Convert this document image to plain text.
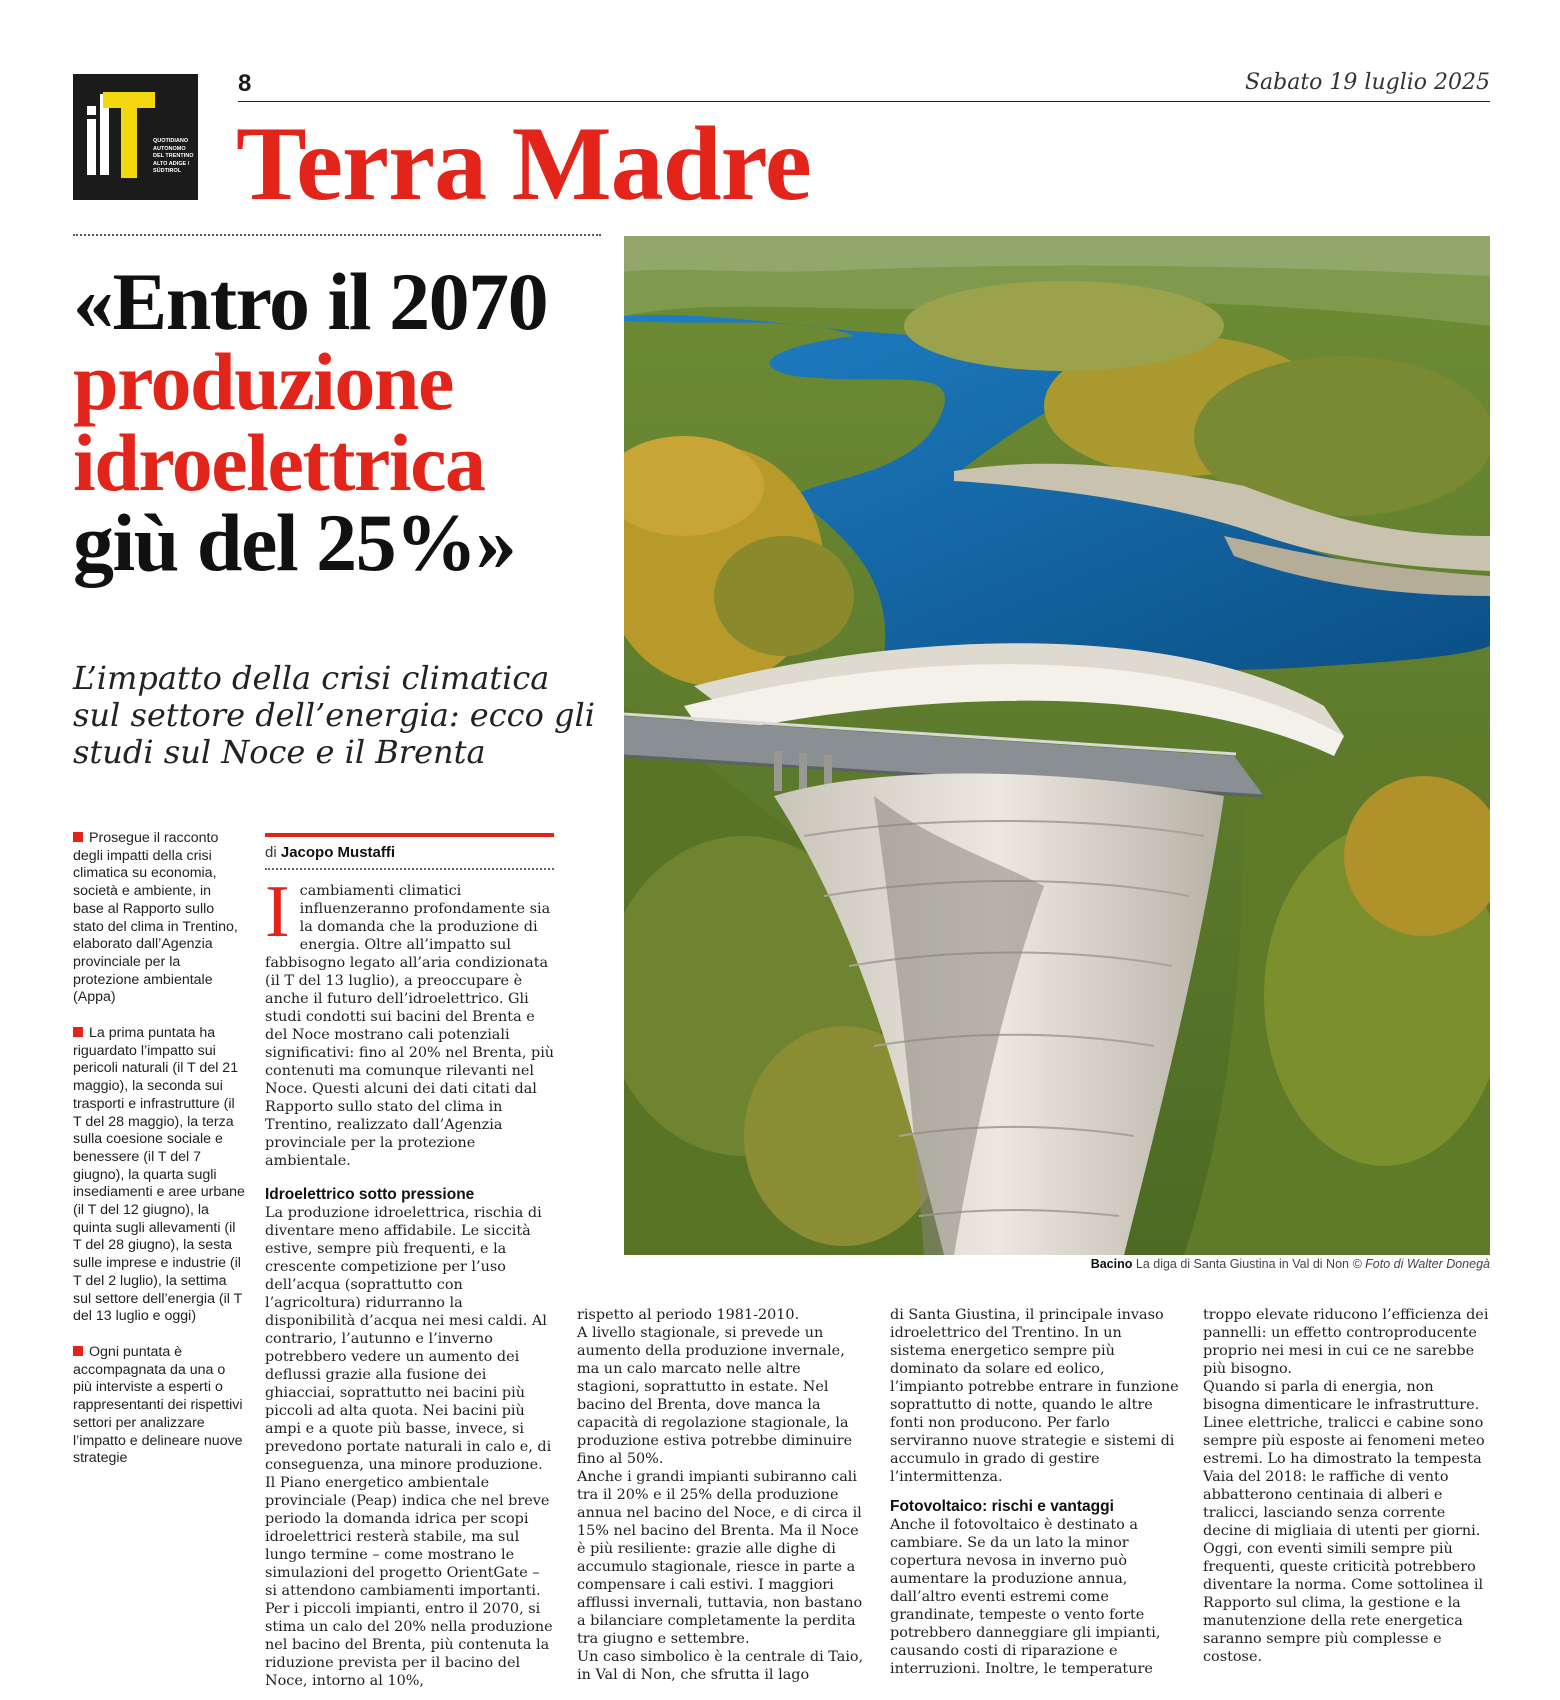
QUOTIDIANO AUTONOMO DEL TRENTINO ALTO ADIGE / SÜDTIROL
8	Sabato 19 luglio 2025
Terra Madre
«Entro il 2070
produzione
idroelettrica
giù del 25%»
L’impatto della crisi climatica sul settore dell’energia: ecco gli studi sul Noce e il Brenta
Bacino La diga di Santa Giustina in Val di Non © Foto di Walter Donegà

Prosegue il racconto degli impatti della crisi climatica su economia, società e ambiente, in base al Rapporto sullo stato del clima in Trentino, elaborato dall’Agenzia provinciale per la protezione ambientale (Appa)

La prima puntata ha riguardato l’impatto sui pericoli naturali (il T del 21 maggio), la seconda sui trasporti e infrastrutture (il T del 28 maggio), la terza sulla coesione sociale e benessere (il T del 7 giugno), la quarta sugli insediamenti e aree urbane (il T del 12 giugno), la quinta sugli allevamenti (il T del 28 giugno), la sesta sulle imprese e industrie (il T del 2 luglio), la settima sul settore dell’energia (il T del 13 luglio e oggi)

Ogni puntata è accompagnata da una o più interviste a esperti o rappresentanti dei rispettivi settori per analizzare l’impatto e delineare nuove strategie

di Jacopo Mustaffi

Icambiamenti climatici influenzeranno profondamente sia la domanda che la produzione di energia. Oltre all’impatto sul fabbisogno legato all’aria condizionata (il T del 13 luglio), a preoccupare è anche il futuro dell’idroelettrico. Gli studi condotti sui bacini del Brenta e del Noce mostrano cali potenziali significativi: fino al 20% nel Brenta, più contenuti ma comunque rilevanti nel Noce. Questi alcuni dei dati citati dal Rapporto sullo stato del clima in Trentino, realizzato dall’Agenzia provinciale per la protezione ambientale.

Idroelettrico sotto pressione

La produzione idroelettrica, rischia di diventare meno affidabile. Le siccità estive, sempre più frequenti, e la crescente competizione per l’uso dell’acqua (soprattutto con l’agricoltura) ridurranno la disponibilità d’acqua nei mesi caldi. Al contrario, l’autunno e l’inverno potrebbero vedere un aumento dei deflussi grazie alla fusione dei ghiacciai, soprattutto nei bacini più piccoli ad alta quota. Nei bacini più ampi e a quote più basse, invece, si prevedono portate naturali in calo e, di conseguenza, una minore produzione.

Il Piano energetico ambientale provinciale (Peap) indica che nel breve periodo la domanda idrica per scopi idroelettrici resterà stabile, ma sul lungo termine – come mostrano le simulazioni del progetto OrientGate – si attendono cambiamenti importanti.

Per i piccoli impianti, entro il 2070, si stima un calo del 20% nella produzione nel bacino del Brenta, più contenuta la riduzione prevista per il bacino del Noce, intorno al 10%,

rispetto al periodo 1981-2010.

A livello stagionale, si prevede un aumento della produzione invernale, ma un calo marcato nelle altre stagioni, soprattutto in estate. Nel bacino del Brenta, dove manca la capacità di regolazione stagionale, la produzione estiva potrebbe diminuire fino al 50%.

Anche i grandi impianti subiranno cali tra il 20% e il 25% della produzione annua nel bacino del Noce, e di circa il 15% nel bacino del Brenta. Ma il Noce è più resiliente: grazie alle dighe di accumulo stagionale, riesce in parte a compensare i cali estivi. I maggiori afflussi invernali, tuttavia, non bastano a bilanciare completamente la perdita tra giugno e settembre.

Un caso simbolico è la centrale di Taio, in Val di Non, che sfrutta il lago

di Santa Giustina, il principale invaso idroelettrico del Trentino. In un sistema energetico sempre più dominato da solare ed eolico, l’impianto potrebbe entrare in funzione soprattutto di notte, quando le altre fonti non producono. Per farlo serviranno nuove strategie e sistemi di accumulo in grado di gestire l’intermittenza.

Fotovoltaico: rischi e vantaggi

Anche il fotovoltaico è destinato a cambiare. Se da un lato la minor copertura nevosa in inverno può aumentare la produzione annua, dall’altro eventi estremi come grandinate, tempeste o vento forte potrebbero danneggiare gli impianti, causando costi di riparazione e interruzioni. Inoltre, le temperature

troppo elevate riducono l’efficienza dei pannelli: un effetto controproducente proprio nei mesi in cui ce ne sarebbe più bisogno.

Quando si parla di energia, non bisogna dimenticare le infrastrutture. Linee elettriche, tralicci e cabine sono sempre più esposte ai fenomeni meteo estremi. Lo ha dimostrato la tempesta Vaia del 2018: le raffiche di vento abbatterono centinaia di alberi e tralicci, lasciando senza corrente decine di migliaia di utenti per giorni. Oggi, con eventi simili sempre più frequenti, queste criticità potrebbero diventare la norma. Come sottolinea il Rapporto sul clima, la gestione e la manutenzione della rete energetica saranno sempre più complesse e costose.
